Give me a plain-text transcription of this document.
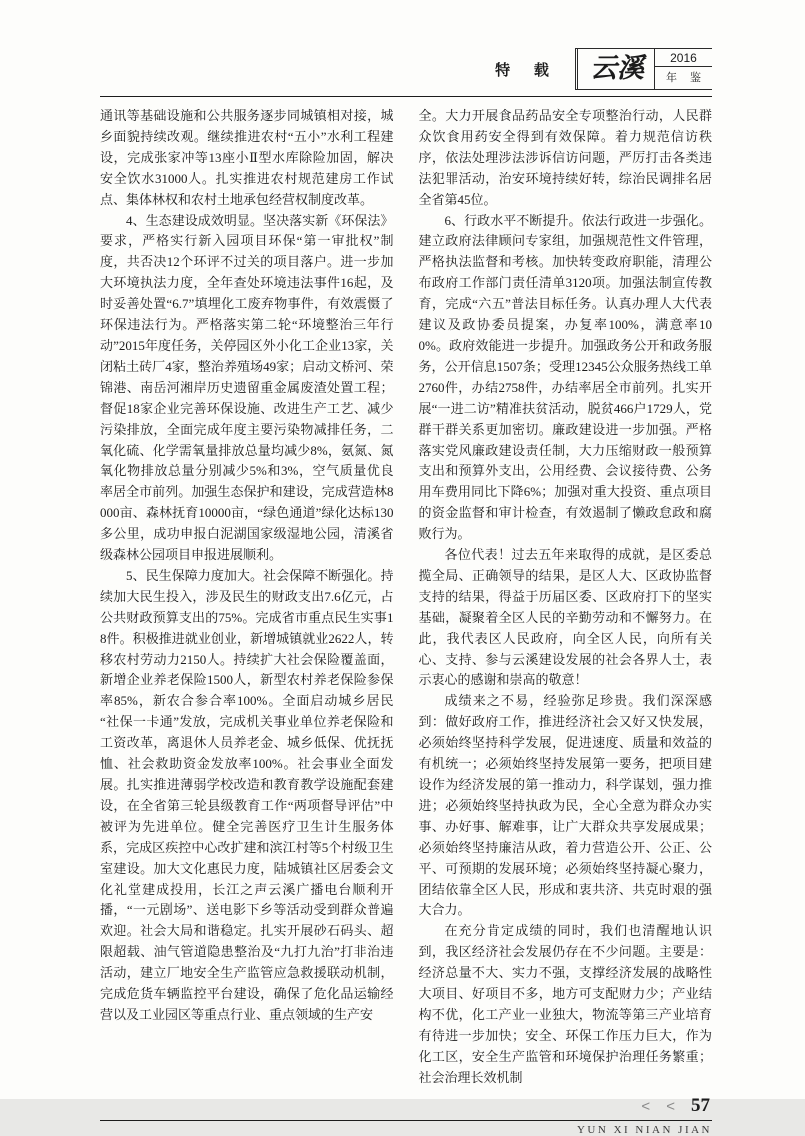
特 载	云溪	2016
年 鉴

通讯等基础设施和公共服务逐步同城镇相对接，城乡面貌持续改观。继续推进农村“五小”水利工程建设，完成张家冲等13座小Ⅱ型水库除险加固，解决安全饮水31000人。扎实推进农村规范建房工作试点、集体林权和农村土地承包经营权制度改革。

4、生态建设成效明显。坚决落实新《环保法》要求，严格实行新入园项目环保“第一审批权”制度，共否决12个环评不过关的项目落户。进一步加大环境执法力度，全年查处环境违法事件16起，及时妥善处置“6.7”填埋化工废弃物事件，有效震慑了环保违法行为。严格落实第二轮“环境整治三年行动”2015年度任务，关停园区外小化工企业13家，关闭粘土砖厂4家，整治养殖场49家；启动文桥河、荣锦港、南岳河湘岸历史遗留重金属废渣处置工程；督促18家企业完善环保设施、改进生产工艺、减少污染排放，全面完成年度主要污染物减排任务，二氧化硫、化学需氧量排放总量均减少8%，氨氮、氮氧化物排放总量分别减少5%和3%，空气质量优良率居全市前列。加强生态保护和建设，完成营造林8000亩、森林抚育10000亩，“绿色通道”绿化达标130多公里，成功申报白泥湖国家级湿地公园，清溪省级森林公园项目申报进展顺利。

5、民生保障力度加大。社会保障不断强化。持续加大民生投入，涉及民生的财政支出7.6亿元，占公共财政预算支出的75%。完成省市重点民生实事18件。积极推进就业创业，新增城镇就业2622人，转移农村劳动力2150人。持续扩大社会保险覆盖面，新增企业养老保险1500人，新型农村养老保险参保率85%，新农合参合率100%。全面启动城乡居民“社保一卡通”发放，完成机关事业单位养老保险和工资改革，离退休人员养老金、城乡低保、优抚抚恤、社会救助资金发放率100%。社会事业全面发展。扎实推进薄弱学校改造和教育教学设施配套建设，在全省第三轮县级教育工作“两项督导评估”中被评为先进单位。健全完善医疗卫生计生服务体系，完成区疾控中心改扩建和滨江村等5个村级卫生室建设。加大文化惠民力度，陆城镇社区居委会文化礼堂建成投用，长江之声云溪广播电台顺利开播，“一元剧场”、送电影下乡等活动受到群众普遍欢迎。社会大局和谐稳定。扎实开展砂石码头、超限超载、油气管道隐患整治及“九打九治”打非治违活动，建立厂地安全生产监管应急救援联动机制，完成危货车辆监控平台建设，确保了危化品运输经营以及工业园区等重点行业、重点领域的生产安

全。大力开展食品药品安全专项整治行动，人民群众饮食用药安全得到有效保障。着力规范信访秩序，依法处理涉法涉诉信访问题，严厉打击各类违法犯罪活动，治安环境持续好转，综治民调排名居全省第45位。

6、行政水平不断提升。依法行政进一步强化。建立政府法律顾问专家组，加强规范性文件管理，严格执法监督和考核。加快转变政府职能，清理公布政府工作部门责任清单3120项。加强法制宣传教育，完成“六五”普法目标任务。认真办理人大代表建议及政协委员提案，办复率100%，满意率100%。政府效能进一步提升。加强政务公开和政务服务，公开信息1507条；受理12345公众服务热线工单2760件，办结2758件，办结率居全市前列。扎实开展“一进二访”精准扶贫活动，脱贫466户1729人，党群干群关系更加密切。廉政建设进一步加强。严格落实党风廉政建设责任制，大力压缩财政一般预算支出和预算外支出，公用经费、会议接待费、公务用车费用同比下降6%；加强对重大投资、重点项目的资金监督和审计检查，有效遏制了懒政怠政和腐败行为。

各位代表！过去五年来取得的成就，是区委总揽全局、正确领导的结果，是区人大、区政协监督支持的结果，得益于历届区委、区政府打下的坚实基础，凝聚着全区人民的辛勤劳动和不懈努力。在此，我代表区人民政府，向全区人民，向所有关心、支持、参与云溪建设发展的社会各界人士，表示衷心的感谢和崇高的敬意！

成绩来之不易，经验弥足珍贵。我们深深感到：做好政府工作，推进经济社会又好又快发展，必须始终坚持科学发展，促进速度、质量和效益的有机统一；必须始终坚持发展第一要务，把项目建设作为经济发展的第一推动力，科学谋划，强力推进；必须始终坚持执政为民，全心全意为群众办实事、办好事、解难事，让广大群众共享发展成果；必须始终坚持廉洁从政，着力营造公开、公正、公平、可预期的发展环境；必须始终坚持凝心聚力，团结依靠全区人民，形成和衷共济、共克时艰的强大合力。

在充分肯定成绩的同时，我们也清醒地认识到，我区经济社会发展仍存在不少问题。主要是：经济总量不大、实力不强，支撑经济发展的战略性大项目、好项目不多，地方可支配财力少；产业结构不优，化工产业一业独大，物流等第三产业培育有待进一步加快；安全、环保工作压力巨大，作为化工区，安全生产监管和环境保护治理任务繁重；社会治理长效机制

< < 57
YUN XI NIAN JIAN
